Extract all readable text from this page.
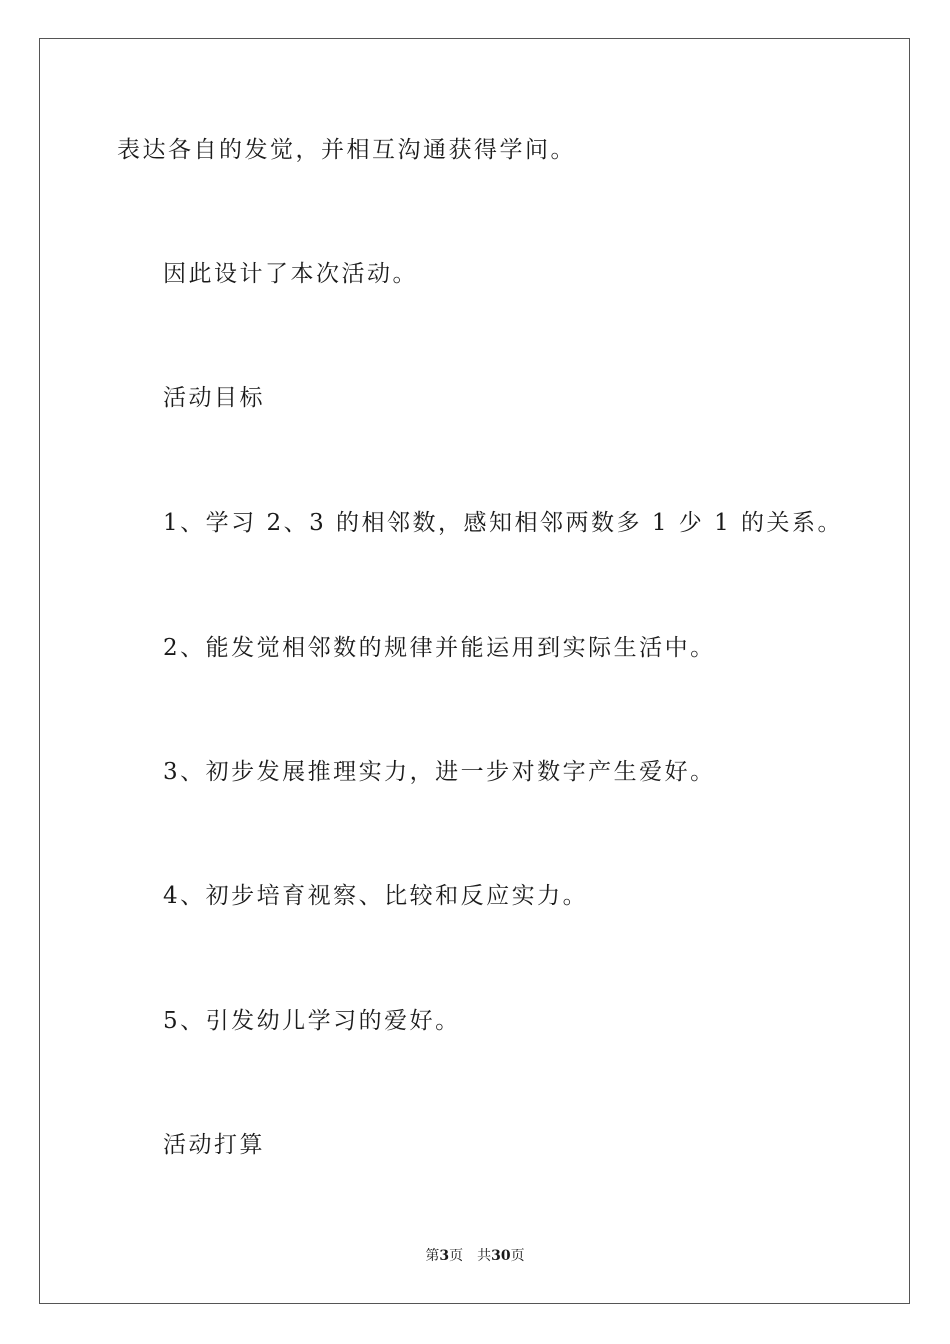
表达各自的发觉，并相互沟通获得学问。
因此设计了本次活动。
活动目标
1、学习 2、3 的相邻数，感知相邻两数多 1 少 1 的关系。
2、能发觉相邻数的规律并能运用到实际生活中。
3、初步发展推理实力，进一步对数字产生爱好。
4、初步培育视察、比较和反应实力。
5、引发幼儿学习的爱好。
活动打算
第3页 共30页
